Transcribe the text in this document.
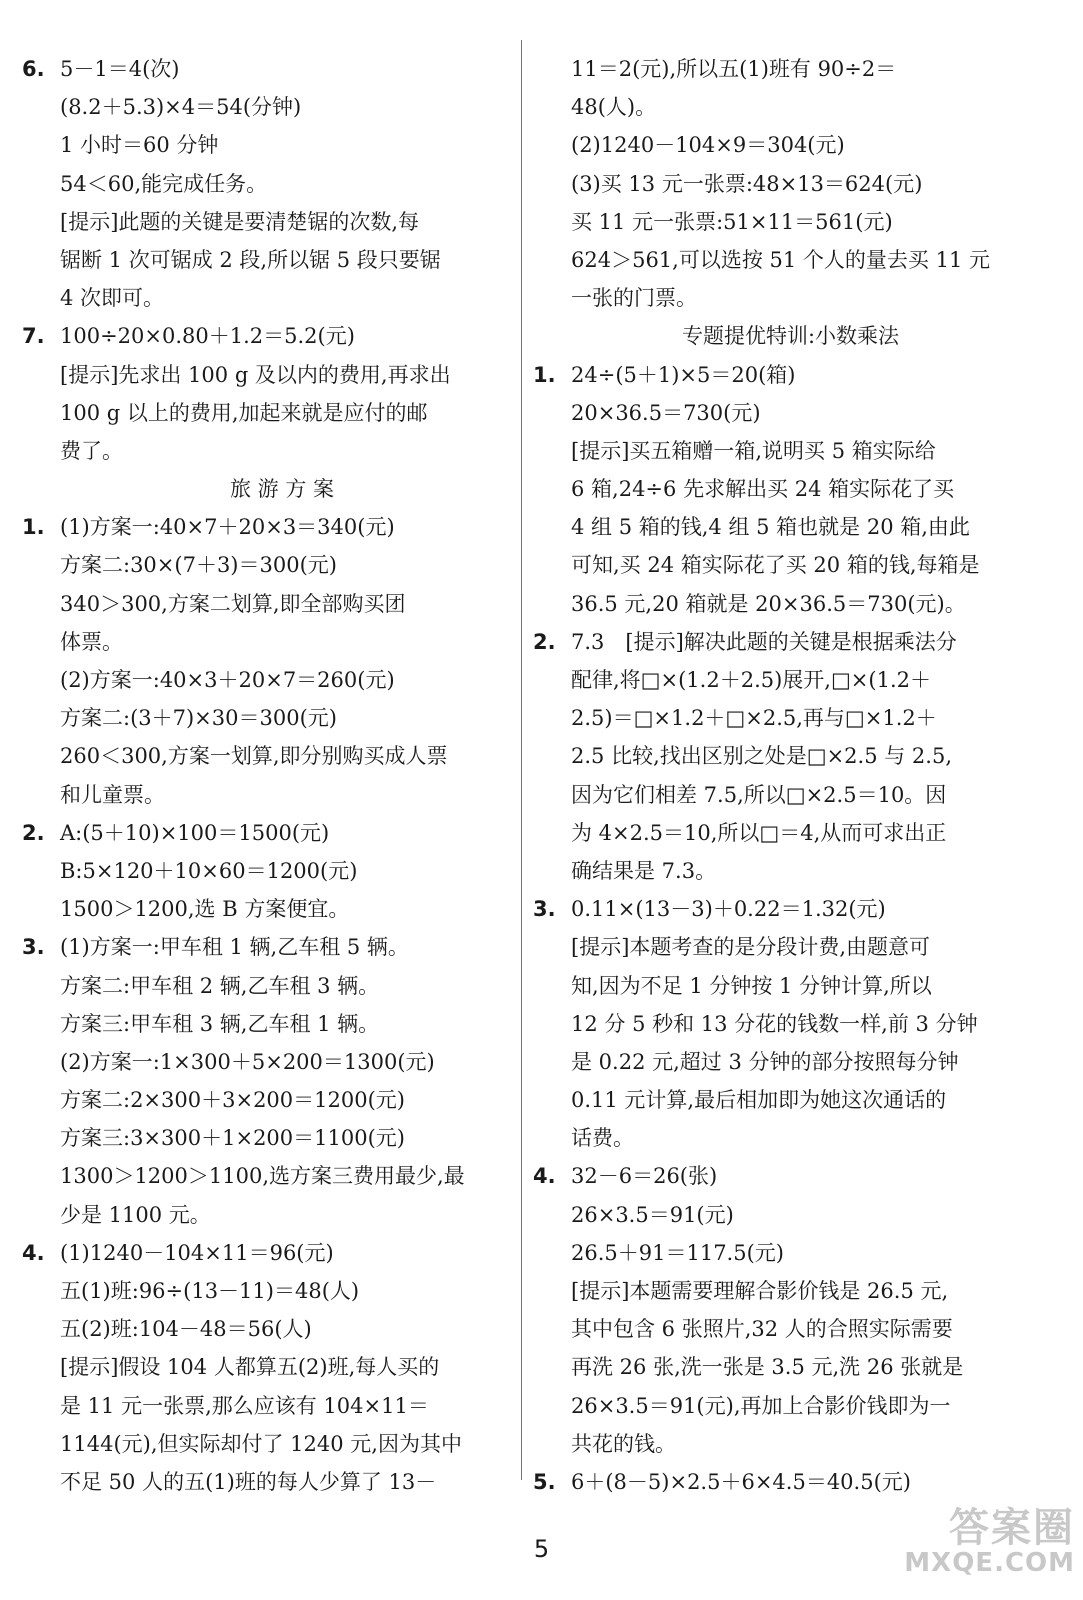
6. 5－1＝4(次)
(8.2＋5.3)×4＝54(分钟)
1 小时＝60 分钟
54＜60,能完成任务。
[提示]此题的关键是要清楚锯的次数,每
锯断 1 次可锯成 2 段,所以锯 5 段只要锯
4 次即可。
7. 100÷20×0.80＋1.2＝5.2(元)
[提示]先求出 100 g 及以内的费用,再求出
100 g 以上的费用,加起来就是应付的邮
费了。
旅 游 方 案
1. (1)方案一:40×7＋20×3＝340(元)
方案二:30×(7＋3)＝300(元)
340＞300,方案二划算,即全部购买团
体票。
(2)方案一:40×3＋20×7＝260(元)
方案二:(3＋7)×30＝300(元)
260＜300,方案一划算,即分别购买成人票
和儿童票。
2. A:(5＋10)×100＝1500(元)
B:5×120＋10×60＝1200(元)
1500＞1200,选 B 方案便宜。
3. (1)方案一:甲车租 1 辆,乙车租 5 辆。
方案二:甲车租 2 辆,乙车租 3 辆。
方案三:甲车租 3 辆,乙车租 1 辆。
(2)方案一:1×300＋5×200＝1300(元)
方案二:2×300＋3×200＝1200(元)
方案三:3×300＋1×200＝1100(元)
1300＞1200＞1100,选方案三费用最少,最
少是 1100 元。
4. (1)1240－104×11＝96(元)
五(1)班:96÷(13－11)＝48(人)
五(2)班:104－48＝56(人)
[提示]假设 104 人都算五(2)班,每人买的
是 11 元一张票,那么应该有 104×11＝
1144(元),但实际却付了 1240 元,因为其中
不足 50 人的五(1)班的每人少算了 13－
11＝2(元),所以五(1)班有 90÷2＝
48(人)。
(2)1240－104×9＝304(元)
(3)买 13 元一张票:48×13＝624(元)
买 11 元一张票:51×11＝561(元)
624＞561,可以选按 51 个人的量去买 11 元
一张的门票。
专题提优特训:小数乘法
1. 24÷(5＋1)×5＝20(箱)
20×36.5＝730(元)
[提示]买五箱赠一箱,说明买 5 箱实际给
6 箱,24÷6 先求解出买 24 箱实际花了买
4 组 5 箱的钱,4 组 5 箱也就是 20 箱,由此
可知,买 24 箱实际花了买 20 箱的钱,每箱是
36.5 元,20 箱就是 20×36.5＝730(元)。
2. 7.3　[提示]解决此题的关键是根据乘法分
配律,将□×(1.2＋2.5)展开,□×(1.2＋
2.5)＝□×1.2＋□×2.5,再与□×1.2＋
2.5 比较,找出区别之处是□×2.5 与 2.5,
因为它们相差 7.5,所以□×2.5＝10。因
为 4×2.5＝10,所以□＝4,从而可求出正
确结果是 7.3。
3. 0.11×(13－3)＋0.22＝1.32(元)
[提示]本题考查的是分段计费,由题意可
知,因为不足 1 分钟按 1 分钟计算,所以
12 分 5 秒和 13 分花的钱数一样,前 3 分钟
是 0.22 元,超过 3 分钟的部分按照每分钟
0.11 元计算,最后相加即为她这次通话的
话费。
4. 32－6＝26(张)
26×3.5＝91(元)
26.5＋91＝117.5(元)
[提示]本题需要理解合影价钱是 26.5 元,
其中包含 6 张照片,32 人的合照实际需要
再洗 26 张,洗一张是 3.5 元,洗 26 张就是
26×3.5＝91(元),再加上合影价钱即为一
共花的钱。
5. 6＋(8－5)×2.5＋6×4.5＝40.5(元)
5	答案圈
MXQE.COM
